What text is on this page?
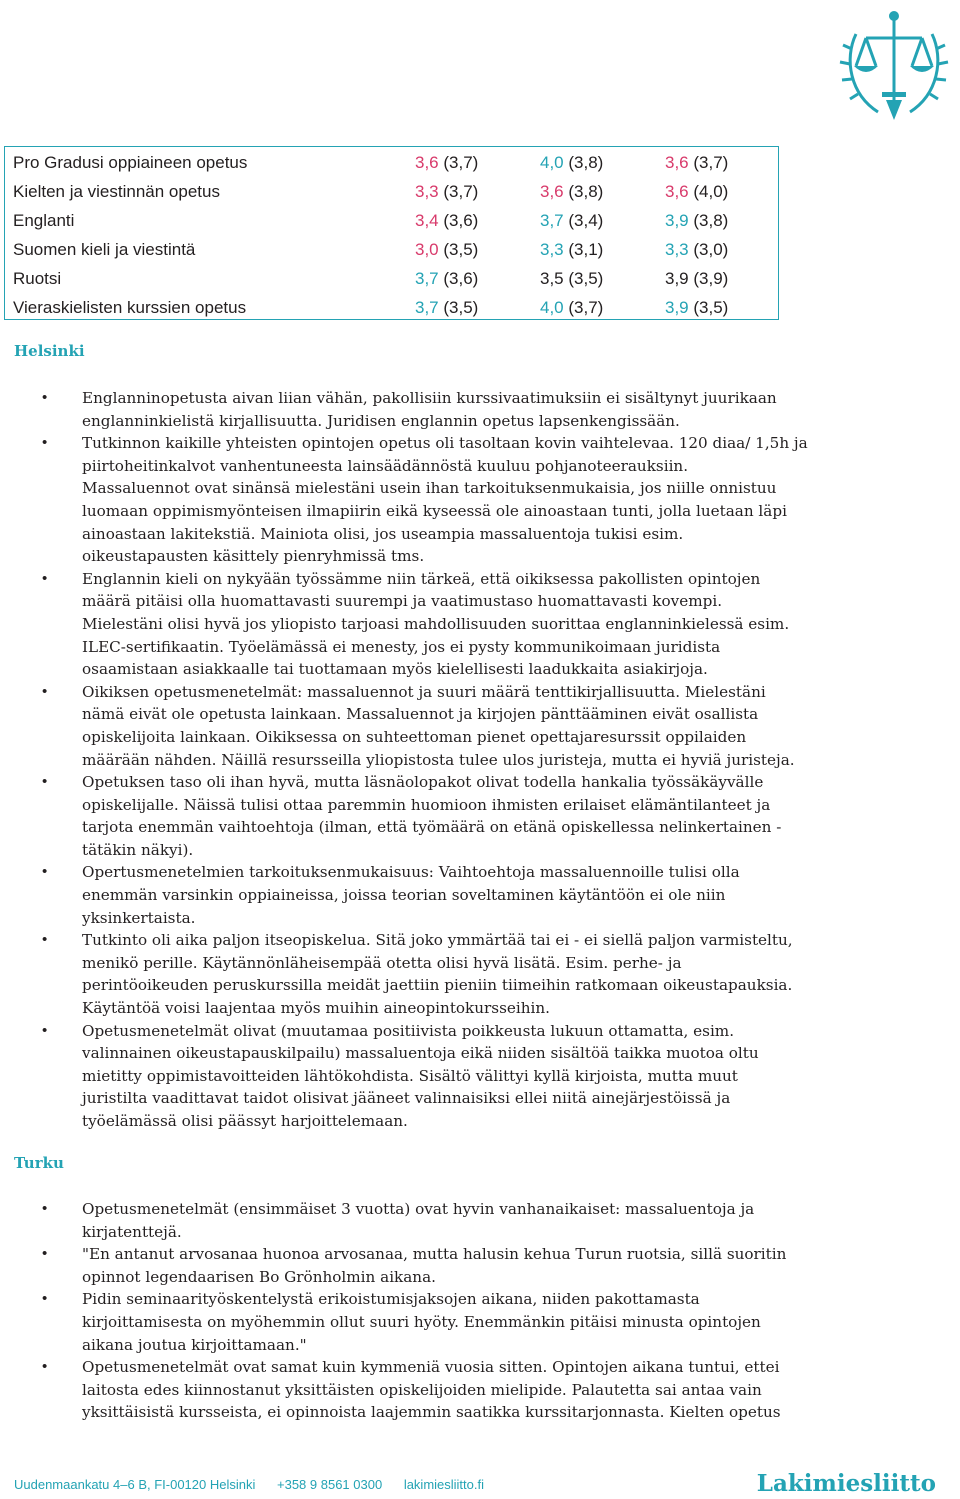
Pro Gradusi oppiaineen opetus	3,6 (3,7)	4,0 (3,8)	3,6 (3,7)
Kielten ja viestinnän opetus	3,3 (3,7)	3,6 (3,8)	3,6 (4,0)
Englanti	3,4 (3,6)	3,7 (3,4)	3,9 (3,8)
Suomen kieli ja viestintä	3,0 (3,5)	3,3 (3,1)	3,3 (3,0)
Ruotsi	3,7 (3,6)	3,5 (3,5)	3,9 (3,9)
Vieraskielisten kurssien opetus	3,7 (3,5)	4,0 (3,7)	3,9 (3,5)
Helsinki
• Englanninopetusta aivan liian vähän, pakollisiin kurssivaatimuksiin ei sisältynyt juurikaan
englanninkielistä kirjallisuutta. Juridisen englannin opetus lapsenkengissään.
• Tutkinnon kaikille yhteisten opintojen opetus oli tasoltaan kovin vaihtelevaa. 120 diaa/ 1,5h ja
piirtoheitinkalvot vanhentuneesta lainsäädännöstä kuuluu pohjanoteerauksiin.
Massaluennot ovat sinänsä mielestäni usein ihan tarkoituksenmukaisia, jos niille onnistuu
luomaan oppimismyönteisen ilmapiirin eikä kyseessä ole ainoastaan tunti, jolla luetaan läpi
ainoastaan lakitekstiä. Mainiota olisi, jos useampia massaluentoja tukisi esim.
oikeustapausten käsittely pienryhmissä tms.
• Englannin kieli on nykyään työssämme niin tärkeä, että oikiksessa pakollisten opintojen
määrä pitäisi olla huomattavasti suurempi ja vaatimustaso huomattavasti kovempi.
Mielestäni olisi hyvä jos yliopisto tarjoasi mahdollisuuden suorittaa englanninkielessä esim.
ILEC-sertifikaatin. Työelämässä ei menesty, jos ei pysty kommunikoimaan juridista
osaamistaan asiakkaalle tai tuottamaan myös kielellisesti laadukkaita asiakirjoja.
• Oikiksen opetusmenetelmät: massaluennot ja suuri määrä tenttikirjallisuutta. Mielestäni
nämä eivät ole opetusta lainkaan. Massaluennot ja kirjojen pänttääminen eivät osallista
opiskelijoita lainkaan. Oikiksessa on suhteettoman pienet opettajaresurssit oppilaiden
määrään nähden. Näillä resursseilla yliopistosta tulee ulos juristeja, mutta ei hyviä juristeja.
• Opetuksen taso oli ihan hyvä, mutta läsnäolopakot olivat todella hankalia työssäkäyvälle
opiskelijalle. Näissä tulisi ottaa paremmin huomioon ihmisten erilaiset elämäntilanteet ja
tarjota enemmän vaihtoehtoja (ilman, että työmäärä on etänä opiskellessa nelinkertainen -
tätäkin näkyi).
• Opertusmenetelmien tarkoituksenmukaisuus: Vaihtoehtoja massaluennoille tulisi olla
enemmän varsinkin oppiaineissa, joissa teorian soveltaminen käytäntöön ei ole niin
yksinkertaista.
• Tutkinto oli aika paljon itseopiskelua. Sitä joko ymmärtää tai ei - ei siellä paljon varmisteltu,
menikö perille. Käytännönläheisempää otetta olisi hyvä lisätä. Esim. perhe- ja
perintöoikeuden peruskurssilla meidät jaettiin pieniin tiimeihin ratkomaan oikeustapauksia.
Käytäntöä voisi laajentaa myös muihin aineopintokursseihin.
• Opetusmenetelmät olivat (muutamaa positiivista poikkeusta lukuun ottamatta, esim.
valinnainen oikeustapauskilpailu) massaluentoja eikä niiden sisältöä taikka muotoa oltu
mietitty oppimistavoitteiden lähtökohdista. Sisältö välittyi kyllä kirjoista, mutta muut
juristilta vaadittavat taidot olisivat jääneet valinnaisiksi ellei niitä ainejärjestöissä ja
työelämässä olisi päässyt harjoittelemaan.
Turku
• Opetusmenetelmät (ensimmäiset 3 vuotta) ovat hyvin vanhanaikaiset: massaluentoja ja
kirjatenttejä.
• "En antanut arvosanaa huonoa arvosanaa, mutta halusin kehua Turun ruotsia, sillä suoritin
opinnot legendaarisen Bo Grönholmin aikana.
• Pidin seminaarityöskentelystä erikoistumisjaksojen aikana, niiden pakottamasta
kirjoittamisesta on myöhemmin ollut suuri hyöty. Enemmänkin pitäisi minusta opintojen
aikana joutua kirjoittamaan."
• Opetusmenetelmät ovat samat kuin kymmeniä vuosia sitten. Opintojen aikana tuntui, ettei
laitosta edes kiinnostanut yksittäisten opiskelijoiden mielipide. Palautetta sai antaa vain
yksittäisistä kursseista, ei opinnoista laajemmin saatikka kurssitarjonnasta. Kielten opetus
Uudenmaankatu 4–6 B, FI-00120 Helsinki +358 9 8561 0300 lakimiesliitto.fi	Lakimiesliitto
